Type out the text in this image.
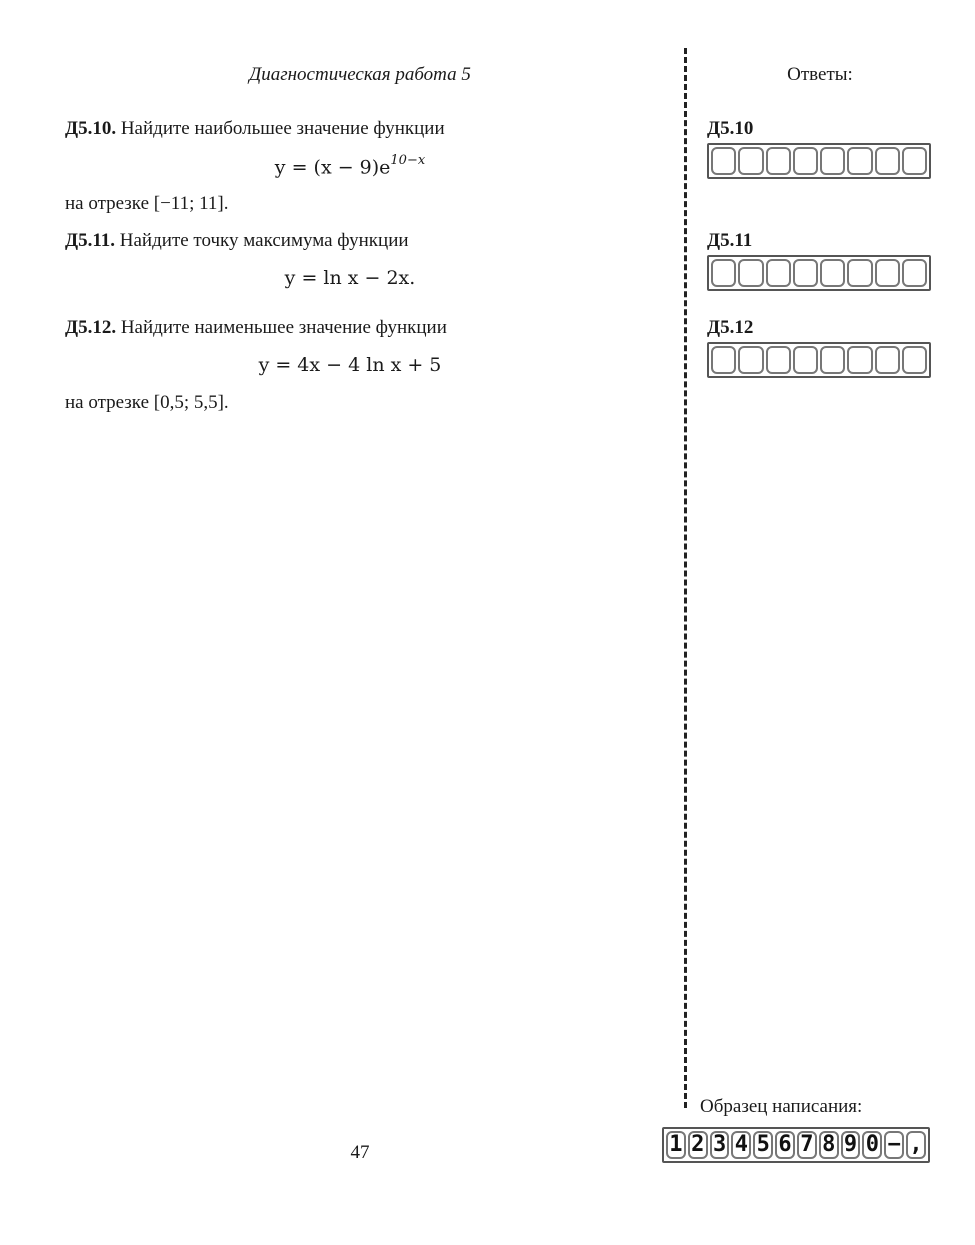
Диагностическая работа 5	Ответы:
Д5.10. Найдите наибольшее значение функции
$y = (x - 9)e^{10-x}$
на отрезке [−11; 11].
Д5.11. Найдите точку максимума функции
y = ln x − 2x.
Д5.12. Найдите наименьшее значение функции
y = 4x − 4 ln x + 5
на отрезке [0,5; 5,5].
Д5.10
Д5.11
Д5.12
Образец написания:
1 2 3 4 5 6 7 8 9 0 − ,
47
